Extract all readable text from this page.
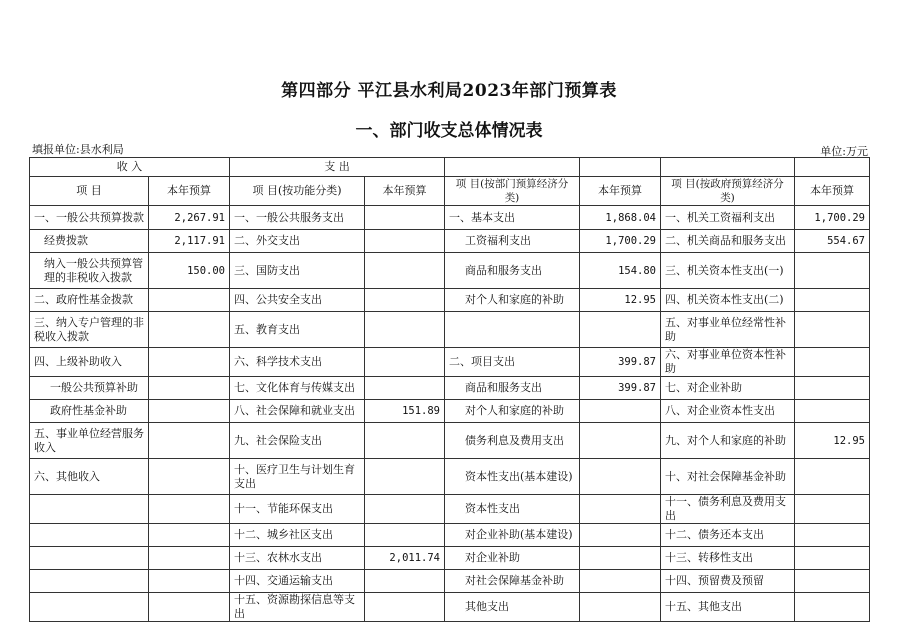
第四部分 平江县水利局2023年部门预算表
一、部门收支总体情况表
填报单位:县水利局	单位:万元
收 入		支 出					
项 目	本年预算	项 目(按功能分类)	本年预算	项 目(按部门预算经济分类)	本年预算	项 目(按政府预算经济分类)	本年预算
一、一般公共预算拨款	2,267.91	一、一般公共服务支出		一、基本支出	1,868.04	一、机关工资福利支出	1,700.29
经费拨款	2,117.91	二、外交支出		工资福利支出	1,700.29	二、机关商品和服务支出	554.67
纳入一般公共预算管理的非税收入拨款	150.00	三、国防支出		商品和服务支出	154.80	三、机关资本性支出(一)	
二、政府性基金拨款		四、公共安全支出		对个人和家庭的补助	12.95	四、机关资本性支出(二)	
三、纳入专户管理的非税收入拨款		五、教育支出				五、对事业单位经常性补助	
四、上级补助收入		六、科学技术支出		二、项目支出	399.87	六、对事业单位资本性补助	
一般公共预算补助		七、文化体育与传媒支出		商品和服务支出	399.87	七、对企业补助	
政府性基金补助		八、社会保障和就业支出	151.89	对个人和家庭的补助		八、对企业资本性支出	
五、事业单位经营服务收入		九、社会保险支出		债务利息及费用支出		九、对个人和家庭的补助	12.95
六、其他收入		十、医疗卫生与计划生育支出		资本性支出(基本建设)		十、对社会保障基金补助	
		十一、节能环保支出		资本性支出		十一、债务利息及费用支出	
		十二、城乡社区支出		对企业补助(基本建设)		十二、债务还本支出	
		十三、农林水支出	2,011.74	对企业补助		十三、转移性支出	
		十四、交通运输支出		对社会保障基金补助		十四、预留费及预留	
		十五、资源勘探信息等支出		其他支出		十五、其他支出	
